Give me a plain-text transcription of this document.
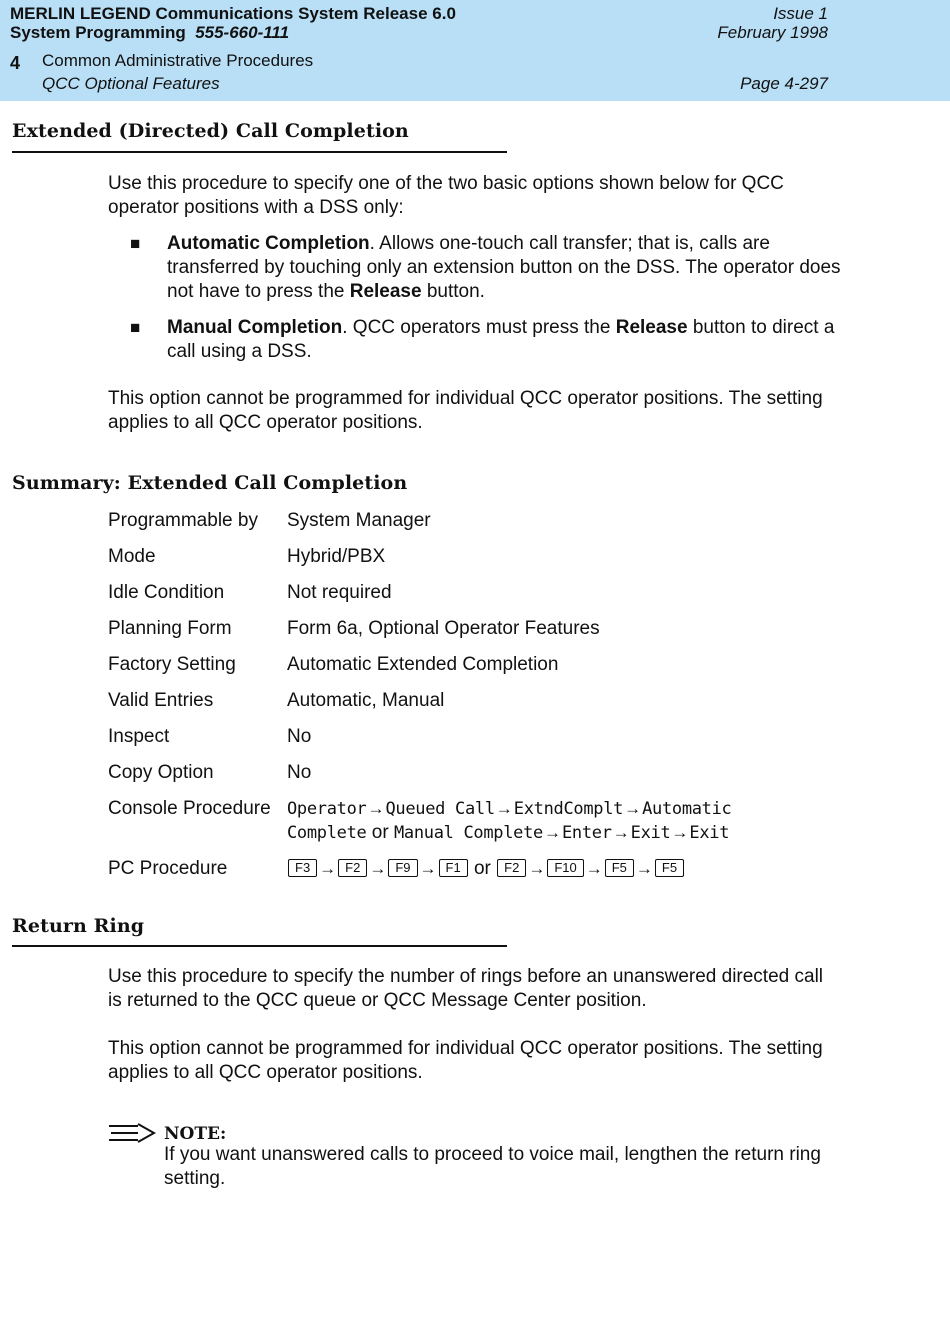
MERLIN LEGEND Communications System Release 6.0	Issue 1
System Programming 555-660-111	February 1998
4 Common Administrative Procedures
QCC Optional Features	Page 4-297
Extended (Directed) Call Completion
Use this procedure to specify one of the two basic options shown below for QCC operator positions with a DSS only:
■ Automatic Completion. Allows one-touch call transfer; that is, calls are transferred by touching only an extension button on the DSS. The operator does not have to press the Release button.
■ Manual Completion. QCC operators must press the Release button to direct a call using a DSS.
This option cannot be programmed for individual QCC operator positions. The setting applies to all QCC operator positions.
Summary: Extended Call Completion
Programmable by System Manager
Mode	Hybrid/PBX
Idle Condition	Not required
Planning Form	Form 6a, Optional Operator Features
Factory Setting	Automatic Extended Completion
Valid Entries	Automatic, Manual
Inspect	No
Copy Option	No
Console Procedure Operator→Queued Call→ExtndComplt→Automatic
Complete or Manual Complete→Enter→Exit→Exit
PC Procedure	F3 → F2 → F9 → F1 or F2 → F10 → F5 → F5
Return Ring
Use this procedure to specify the number of rings before an unanswered directed call is returned to the QCC queue or QCC Message Center position.
This option cannot be programmed for individual QCC operator positions. The setting applies to all QCC operator positions.
NOTE:
If you want unanswered calls to proceed to voice mail, lengthen the return ring setting.
